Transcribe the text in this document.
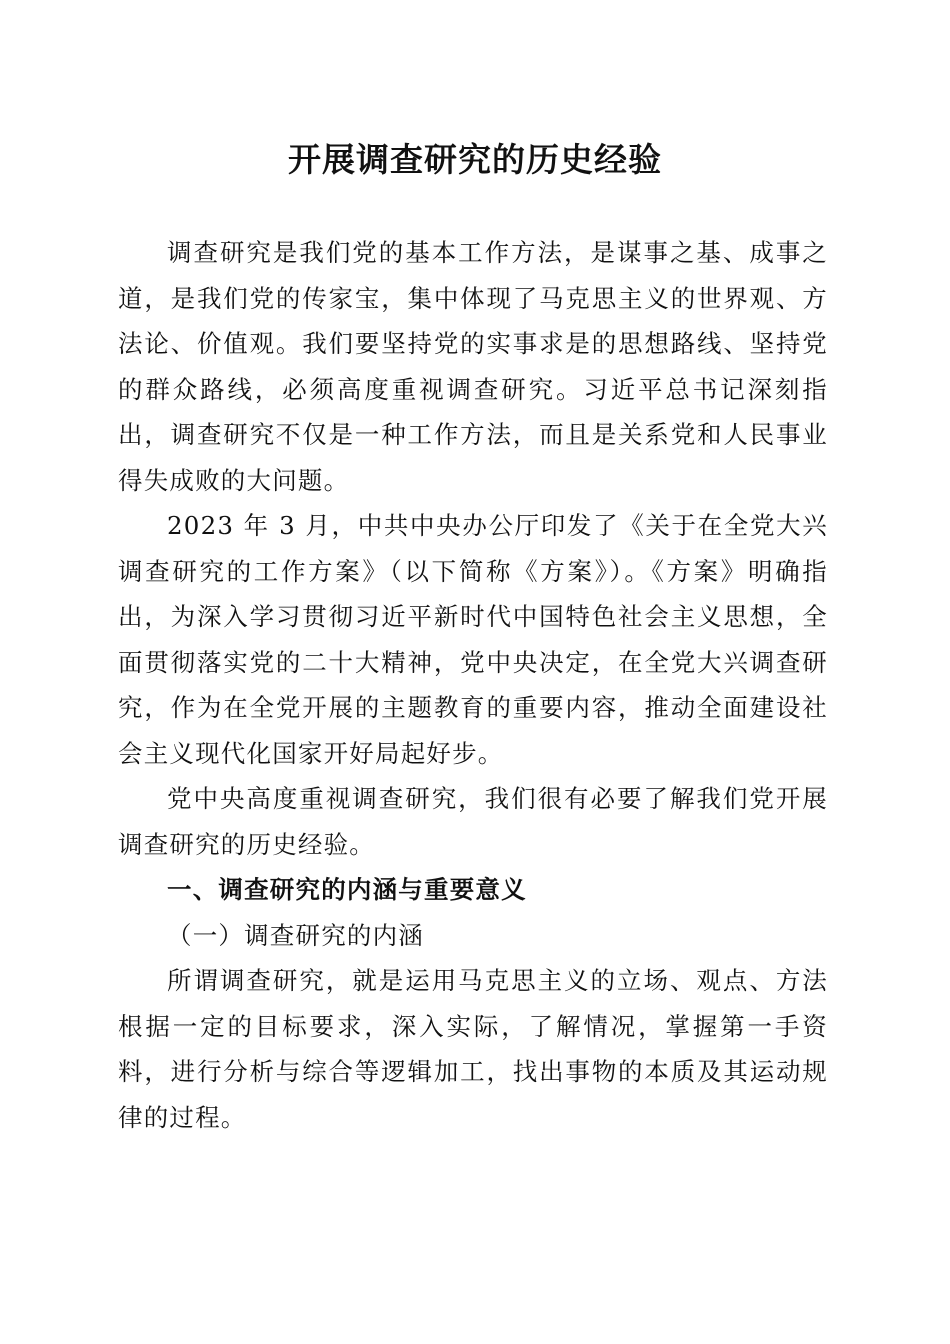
开展调查研究的历史经验

调查研究是我们党的基本工作方法，是谋事之基、成事之道，是我们党的传家宝，集中体现了马克思主义的世界观、方法论、价值观。我们要坚持党的实事求是的思想路线、坚持党的群众路线，必须高度重视调查研究。习近平总书记深刻指出，调查研究不仅是一种工作方法，而且是关系党和人民事业得失成败的大问题。

2023 年 3 月，中共中央办公厅印发了《关于在全党大兴调查研究的工作方案》（以下简称《方案》）。《方案》明确指出，为深入学习贯彻习近平新时代中国特色社会主义思想，全面贯彻落实党的二十大精神，党中央决定，在全党大兴调查研究，作为在全党开展的主题教育的重要内容，推动全面建设社会主义现代化国家开好局起好步。

党中央高度重视调查研究，我们很有必要了解我们党开展调查研究的历史经验。

一、调查研究的内涵与重要意义

（一）调查研究的内涵

所谓调查研究，就是运用马克思主义的立场、观点、方法根据一定的目标要求，深入实际，了解情况，掌握第一手资料，进行分析与综合等逻辑加工，找出事物的本质及其运动规律的过程。
